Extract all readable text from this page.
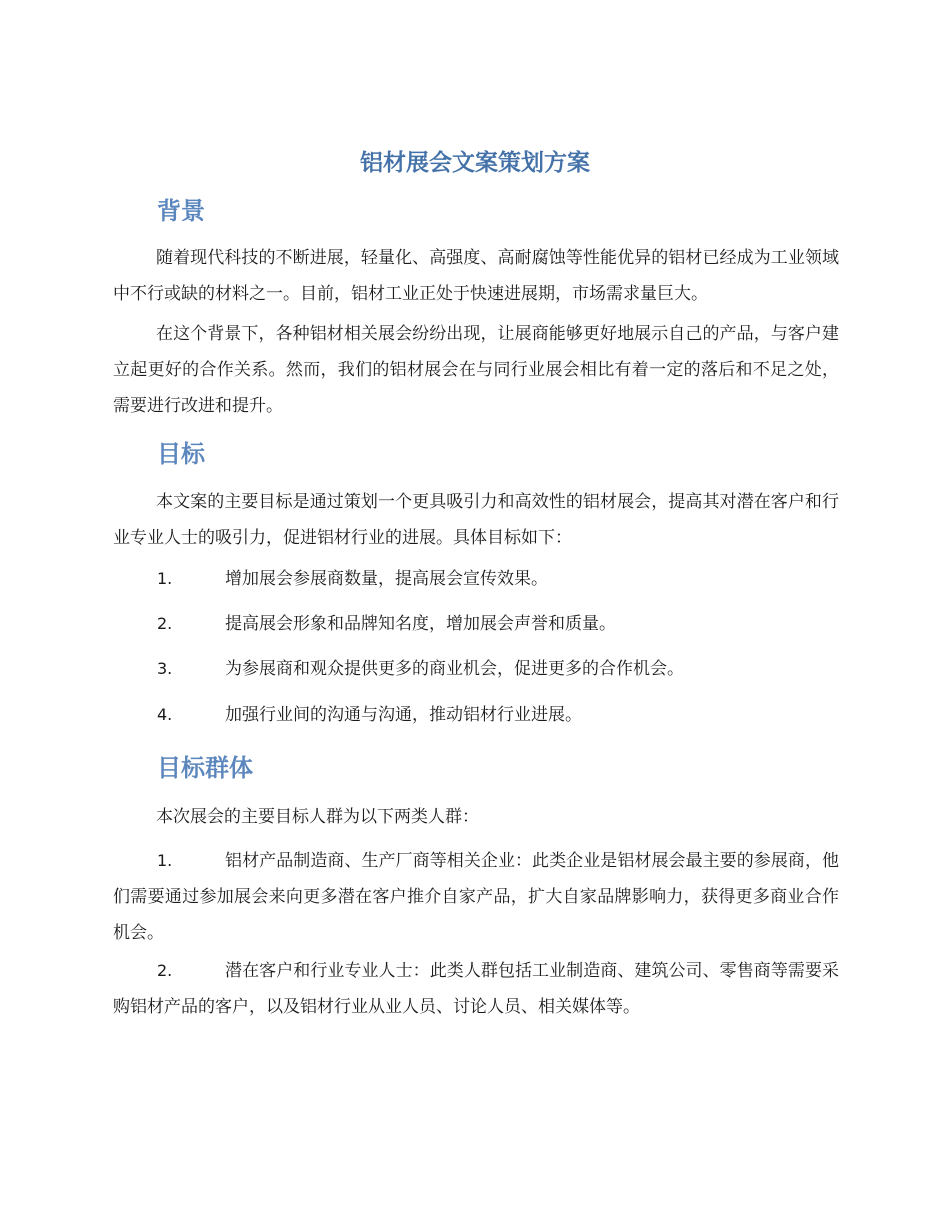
铝材展会文案策划方案
背景

随着现代科技的不断进展，轻量化、高强度、高耐腐蚀等性能优异的铝材已经成为工业领域中不行或缺的材料之一。目前，铝材工业正处于快速进展期，市场需求量巨大。

在这个背景下，各种铝材相关展会纷纷出现，让展商能够更好地展示自己的产品，与客户建立起更好的合作关系。然而，我们的铝材展会在与同行业展会相比有着一定的落后和不足之处，需要进行改进和提升。

目标

本文案的主要目标是通过策划一个更具吸引力和高效性的铝材展会，提高其对潜在客户和行业专业人士的吸引力，促进铝材行业的进展。具体目标如下：

1.	增加展会参展商数量，提高展会宣传效果。

2.	提高展会形象和品牌知名度，增加展会声誉和质量。

3.	为参展商和观众提供更多的商业机会，促进更多的合作机会。

4.	加强行业间的沟通与沟通，推动铝材行业进展。

目标群体

本次展会的主要目标人群为以下两类人群：

1.	铝材产品制造商、生产厂商等相关企业：此类企业是铝材展会最主要的参展商，他们需要通过参加展会来向更多潜在客户推介自家产品，扩大自家品牌影响力，获得更多商业合作机会。

2.	潜在客户和行业专业人士：此类人群包括工业制造商、建筑公司、零售商等需要采购铝材产品的客户，以及铝材行业从业人员、讨论人员、相关媒体等。
